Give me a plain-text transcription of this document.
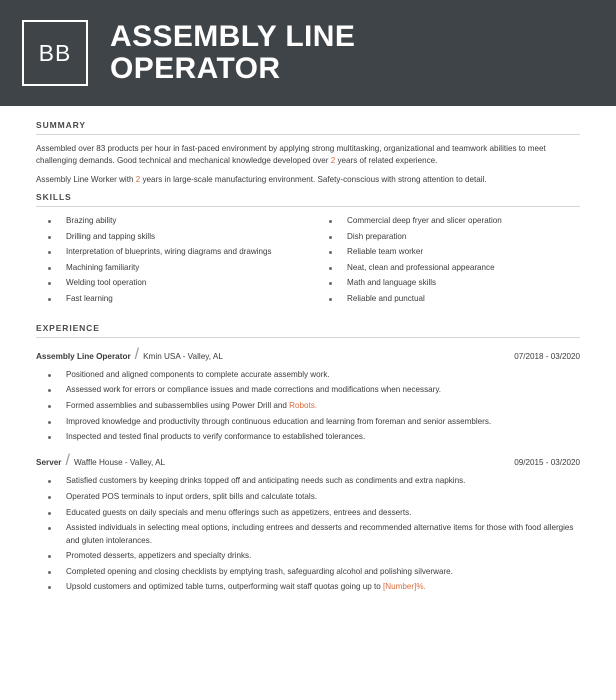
BB ASSEMBLY LINE
OPERATOR
SUMMARY

Assembled over 83 products per hour in fast-paced environment by applying strong multitasking, organizational and teamwork abilities to meet challenging demands. Good technical and mechanical knowledge developed over 2 years of related experience.

Assembly Line Worker with 2 years in large-scale manufacturing environment. Safety-conscious with strong attention to detail.

SKILLS
Brazing ability
Drilling and tapping skills
Interpretation of blueprints, wiring diagrams and drawings
Machining familiarity
Welding tool operation
Fast learning
Commercial deep fryer and slicer operation
Dish preparation
Reliable team worker
Neat, clean and professional appearance
Math and language skills
Reliable and punctual
EXPERIENCE
Assembly Line Operator / Kmin USA - Valley, AL	07/2018 - 03/2020
Positioned and aligned components to complete accurate assembly work.
Assessed work for errors or compliance issues and made corrections and modifications when necessary.
Formed assemblies and subassemblies using Power Drill and Robots.
Improved knowledge and productivity through continuous education and learning from foreman and senior assemblers.
Inspected and tested final products to verify conformance to established tolerances.
Server / Waffle House - Valley, AL	09/2015 - 03/2020
Satisfied customers by keeping drinks topped off and anticipating needs such as condiments and extra napkins.
Operated POS terminals to input orders, split bills and calculate totals.
Educated guests on daily specials and menu offerings such as appetizers, entrees and desserts.
Assisted individuals in selecting meal options, including entrees and desserts and recommended alternative items for those with food allergies and gluten intolerances.
Promoted desserts, appetizers and specialty drinks.
Completed opening and closing checklists by emptying trash, safeguarding alcohol and polishing silverware.
Upsold customers and optimized table turns, outperforming wait staff quotas going up to [Number]%.
